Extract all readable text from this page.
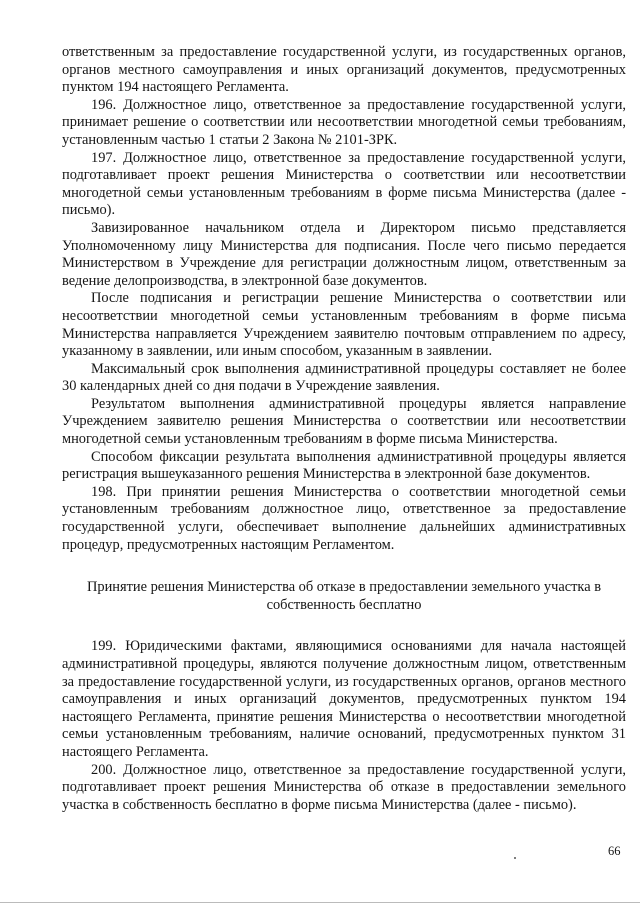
ответственным за предоставление государственной услуги, из государственных органов, органов местного самоуправления и иных организаций документов, предусмотренных пунктом 194 настоящего Регламента.

196. Должностное лицо, ответственное за предоставление государственной услуги, принимает решение о соответствии или несоответствии многодетной семьи требованиям, установленным частью 1 статьи 2 Закона № 2101-ЗРК.

197. Должностное лицо, ответственное за предоставление государственной услуги, подготавливает проект решения Министерства о соответствии или несоответствии многодетной семьи установленным требованиям в форме письма Министерства (далее - письмо).

Завизированное начальником отдела и Директором письмо представляется Уполномоченному лицу Министерства для подписания. После чего письмо передается Министерством в Учреждение для регистрации должностным лицом, ответственным за ведение делопроизводства, в электронной базе документов.

После подписания и регистрации решение Министерства о соответствии или несоответствии многодетной семьи установленным требованиям в форме письма Министерства направляется Учреждением заявителю почтовым отправлением по адресу, указанному в заявлении, или иным способом, указанным в заявлении.

Максимальный срок выполнения административной процедуры составляет не более 30 календарных дней со дня подачи в Учреждение заявления.

Результатом выполнения административной процедуры является направление Учреждением заявителю решения Министерства о соответствии или несоответствии многодетной семьи установленным требованиям в форме письма Министерства.

Способом фиксации результата выполнения административной процедуры является регистрация вышеуказанного решения Министерства в электронной базе документов.

198. При принятии решения Министерства о соответствии многодетной семьи установленным требованиям должностное лицо, ответственное за предоставление государственной услуги, обеспечивает выполнение дальнейших административных процедур, предусмотренных настоящим Регламентом.

Принятие решения Министерства об отказе в предоставлении земельного участка в собственность бесплатно

199. Юридическими фактами, являющимися основаниями для начала настоящей административной процедуры, являются получение должностным лицом, ответственным за предоставление государственной услуги, из государственных органов, органов местного самоуправления и иных организаций документов, предусмотренных пунктом 194 настоящего Регламента, принятие решения Министерства о несоответствии многодетной семьи установленным требованиям, наличие оснований, предусмотренных пунктом 31 настоящего Регламента.

200. Должностное лицо, ответственное за предоставление государственной услуги, подготавливает проект решения Министерства об отказе в предоставлении земельного участка в собственность бесплатно в форме письма Министерства (далее - письмо).

66
